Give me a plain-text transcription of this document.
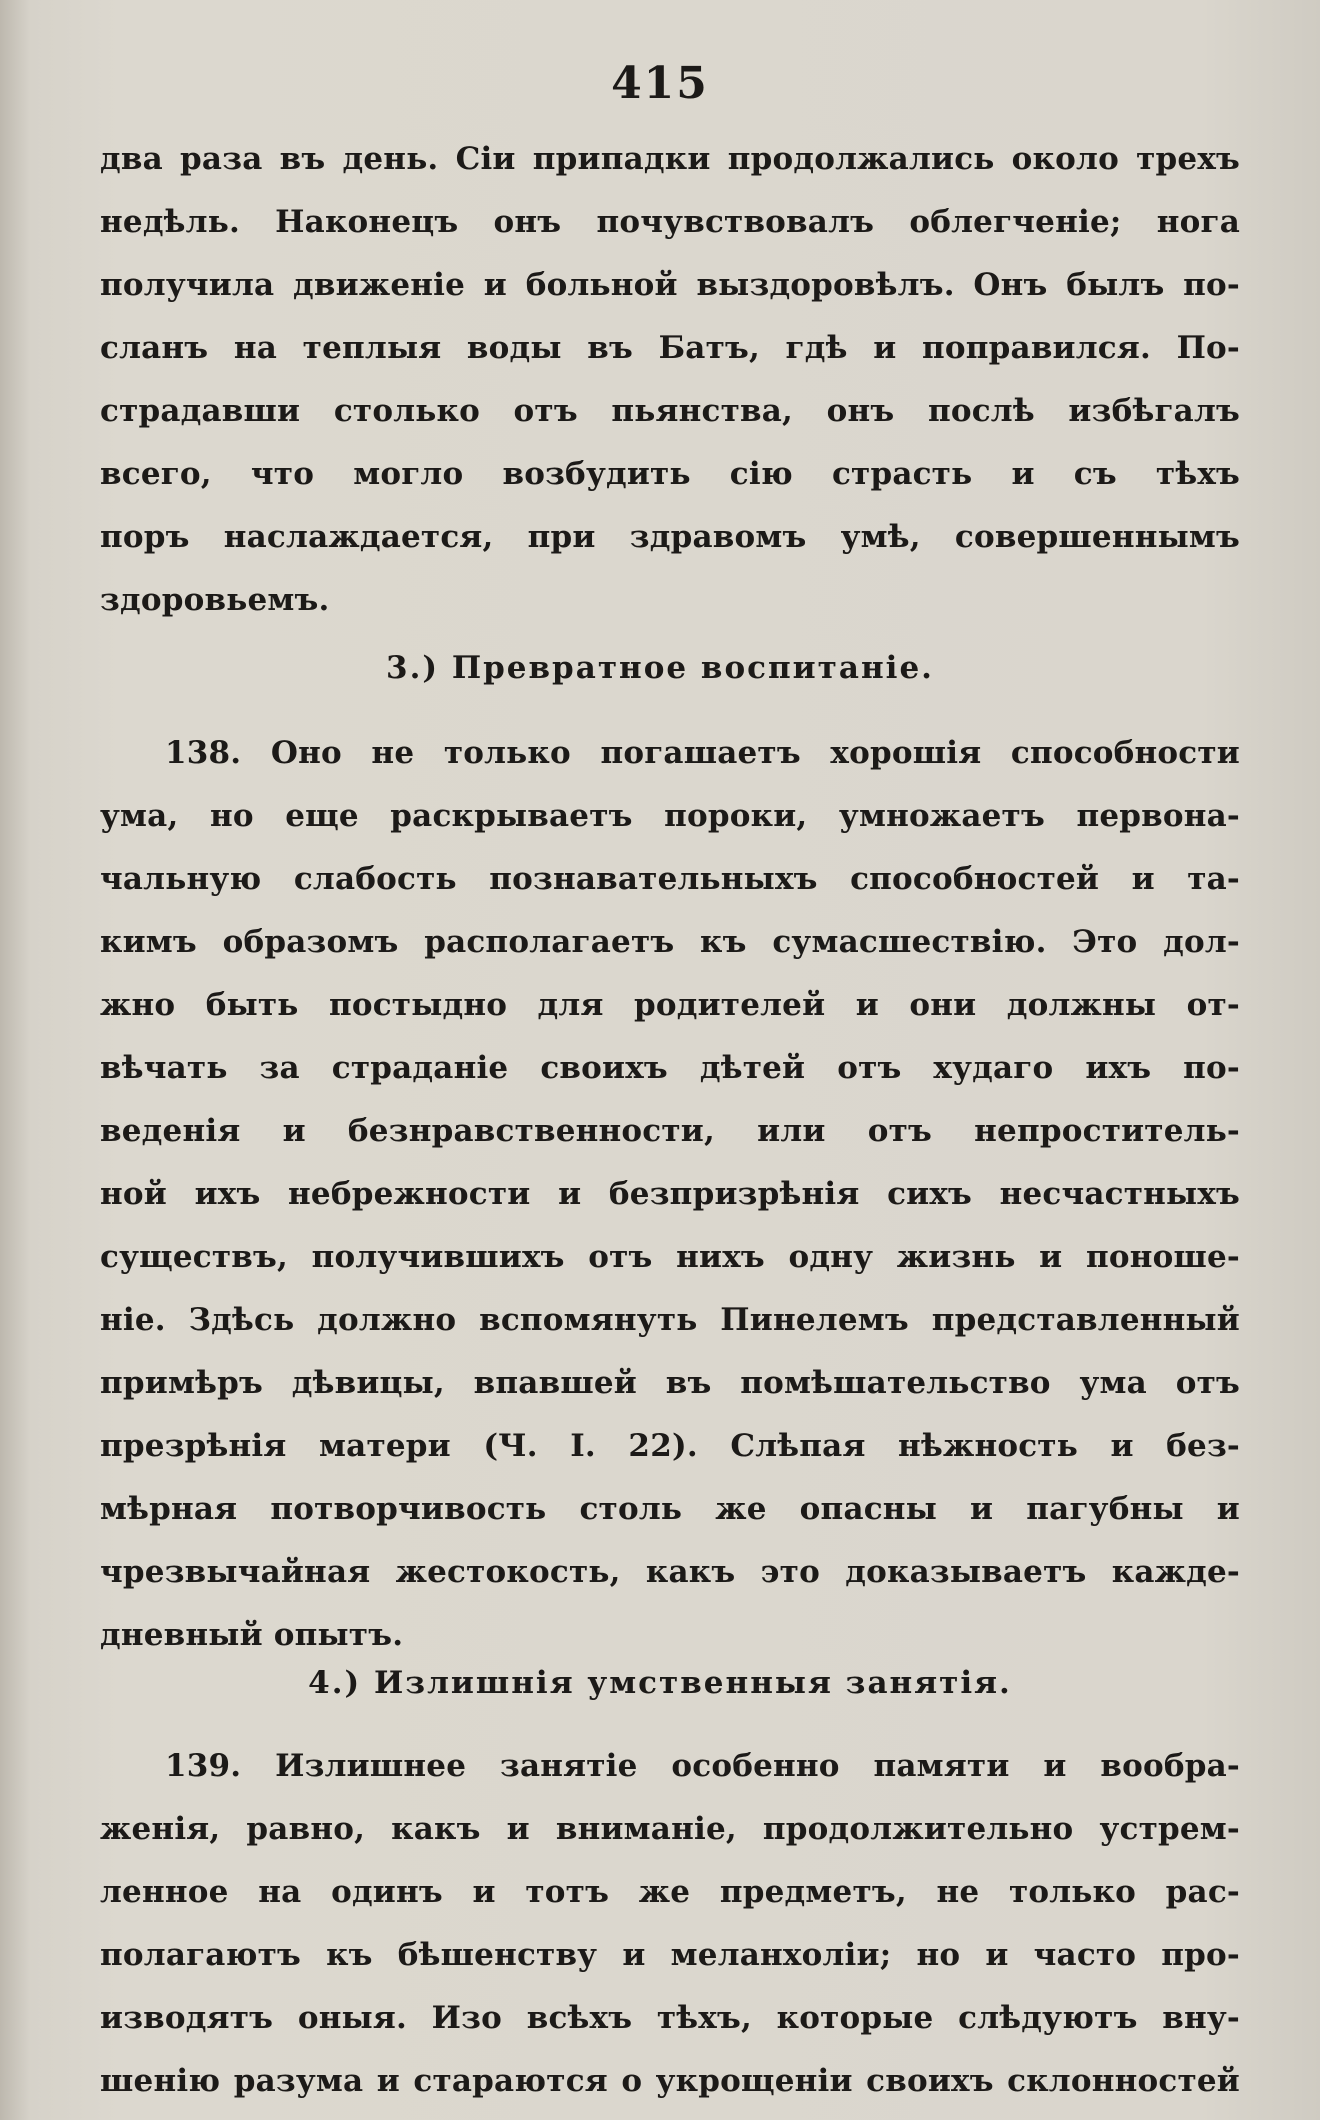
415
два раза въ день. Сіи припадки продолжались около трехъ
недѣль. Наконецъ онъ почувствовалъ облегченіе; нога
получила движеніе и больной выздоровѣлъ. Онъ былъ по-
сланъ на теплыя воды въ Батъ, гдѣ и поправился. По-
страдавши столько отъ пьянства, онъ послѣ избѣгалъ
всего, что могло возбудить сію страсть и съ тѣхъ
поръ наслаждается, при здравомъ умѣ, совершеннымъ
здоровьемъ.
3.) Превратное воспитаніе.
138. Оно не только погашаетъ хорошія способности
ума, но еще раскрываетъ пороки, умножаетъ первона-
чальную слабость познавательныхъ способностей и та-
кимъ образомъ располагаетъ къ сумасшествію. Это дол-
жно быть постыдно для родителей и они должны от-
вѣчать за страданіе своихъ дѣтей отъ худаго ихъ по-
веденія и безнравственности, или отъ непроститель-
ной ихъ небрежности и безпризрѣнія сихъ несчастныхъ
существъ, получившихъ отъ нихъ одну жизнь и поноше-
ніе. Здѣсь должно вспомянуть Пинелемъ представленный
примѣръ дѣвицы, впавшей въ помѣшательство ума отъ
презрѣнія матери (Ч. I. 22). Слѣпая нѣжность и без-
мѣрная потворчивость столь же опасны и пагубны и
чрезвычайная жестокость, какъ это доказываетъ кажде-
дневный опытъ.
4.) Излишнія умственныя занятія.
139. Излишнее занятіе особенно памяти и вообра-
женія, равно, какъ и вниманіе, продолжительно устрем-
ленное на одинъ и тотъ же предметъ, не только рас-
полагаютъ къ бѣшенству и меланхоліи; но и часто про-
изводятъ оныя. Изо всѣхъ тѣхъ, которые слѣдуютъ вну-
шенію разума и стараются о укрощеніи своихъ склонностей
